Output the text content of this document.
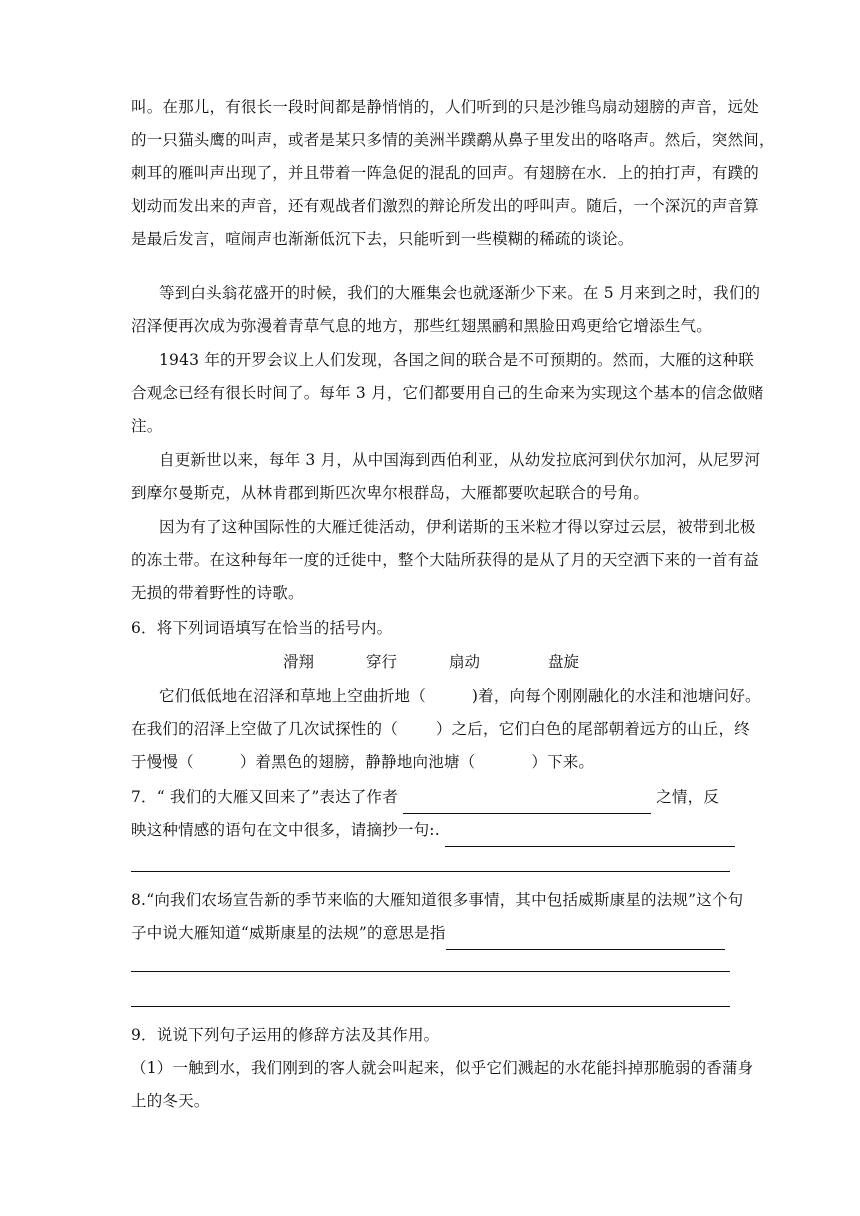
叫。在那儿，有很长一段时间都是静悄悄的，人们听到的只是沙锥鸟扇动翅膀的声音，远处
的一只猫头鹰的叫声，或者是某只多情的美洲半蹼鹬从鼻子里发出的咯咯声。然后，突然间，
刺耳的雁叫声出现了，并且带着一阵急促的混乱的回声。有翅膀在水．上的拍打声，有蹼的
划动而发出来的声音，还有观战者们激烈的辩论所发出的呼叫声。随后，一个深沉的声音算
是最后发言，喧闹声也渐渐低沉下去，只能听到一些模糊的稀疏的谈论。
等到白头翁花盛开的时候，我们的大雁集会也就逐渐少下来。在 5 月来到之时，我们的
沼泽便再次成为弥漫着青草气息的地方，那些红翅黑鹂和黑脸田鸡更给它增添生气。
1943 年的开罗会议上人们发现，各国之间的联合是不可预期的。然而，大雁的这种联
合观念已经有很长时间了。每年 3 月，它们都要用自己的生命来为实现这个基本的信念做赌
注。
自更新世以来，每年 3 月，从中国海到西伯利亚，从幼发拉底河到伏尔加河，从尼罗河
到摩尔曼斯克，从林肯郡到斯匹次卑尔根群岛，大雁都要吹起联合的号角。
因为有了这种国际性的大雁迁徙活动，伊利诺斯的玉米粒才得以穿过云层，被带到北极
的冻土带。在这种每年一度的迁徙中，整个大陆所获得的是从了月的天空洒下来的一首有益
无损的带着野性的诗歌。
6．将下列词语填写在恰当的括号内。
滑翔	穿行	扇动	盘旋
它们低低地在沼泽和草地上空曲折地（	)着，向每个刚刚融化的水洼和池塘问好。
在我们的沼泽上空做了几次试探性的（ ）之后，它们白色的尾部朝着远方的山丘，终
于慢慢（	）着黑色的翅膀，静静地向池塘（	）下来。
7．“ 我们的大雁又回来了”表达了作者	之情，反
映这种情感的语句在文中很多，请摘抄一句:.
8.“向我们农场宣告新的季节来临的大雁知道很多事情，其中包括威斯康星的法规”这个句
子中说大雁知道“威斯康星的法规”的意思是指
9．说说下列句子运用的修辞方法及其作用。
（1）一触到水，我们刚到的客人就会叫起来，似乎它们溅起的水花能抖掉那脆弱的香蒲身
上的冬天。
